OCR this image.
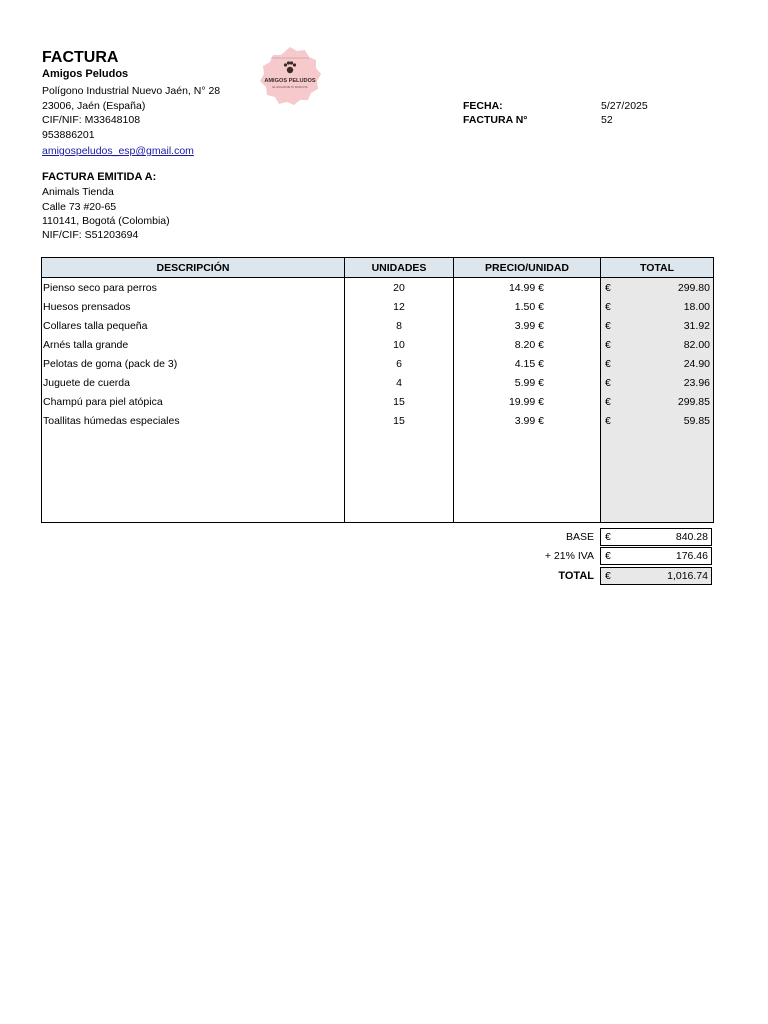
FACTURA
Amigos Peludos
Polígono Industrial Nuevo Jaén, N° 28
23006, Jaén (España)
CIF/NIF: M33648108
953886201
amigospeludos_esp@gmail.com
AMIGOS PELUDOS
EL HOGAR DE TU MASCOTA
FECHA:	5/27/2025
FACTURA N°	52
FACTURA EMITIDA A:
Animals Tienda
Calle 73 #20-65
110141, Bogotá (Colombia)
NIF/CIF: S51203694
DESCRIPCIÓN	UNIDADES	PRECIO/UNIDAD	TOTAL
Pienso seco para perros	20	14.99 €	€ 299.80

Huesos prensados	12	1.50 €	€ 18.00

Collares talla pequeña	8	3.99 €	€ 31.92

Arnés talla grande	10	8.20 €	€ 82.00

Pelotas de goma (pack de 3)	6	4.15 €	€ 24.90

Juguete de cuerda	4	5.99 €	€ 23.96

Champú para piel atópica	15	19.99 €	€ 299.85

Toallitas húmedas especiales	15	3.99 €	€ 59.85

BASE	€	840.28
+ 21% IVA	€	176.46
TOTAL	€	1,016.74
